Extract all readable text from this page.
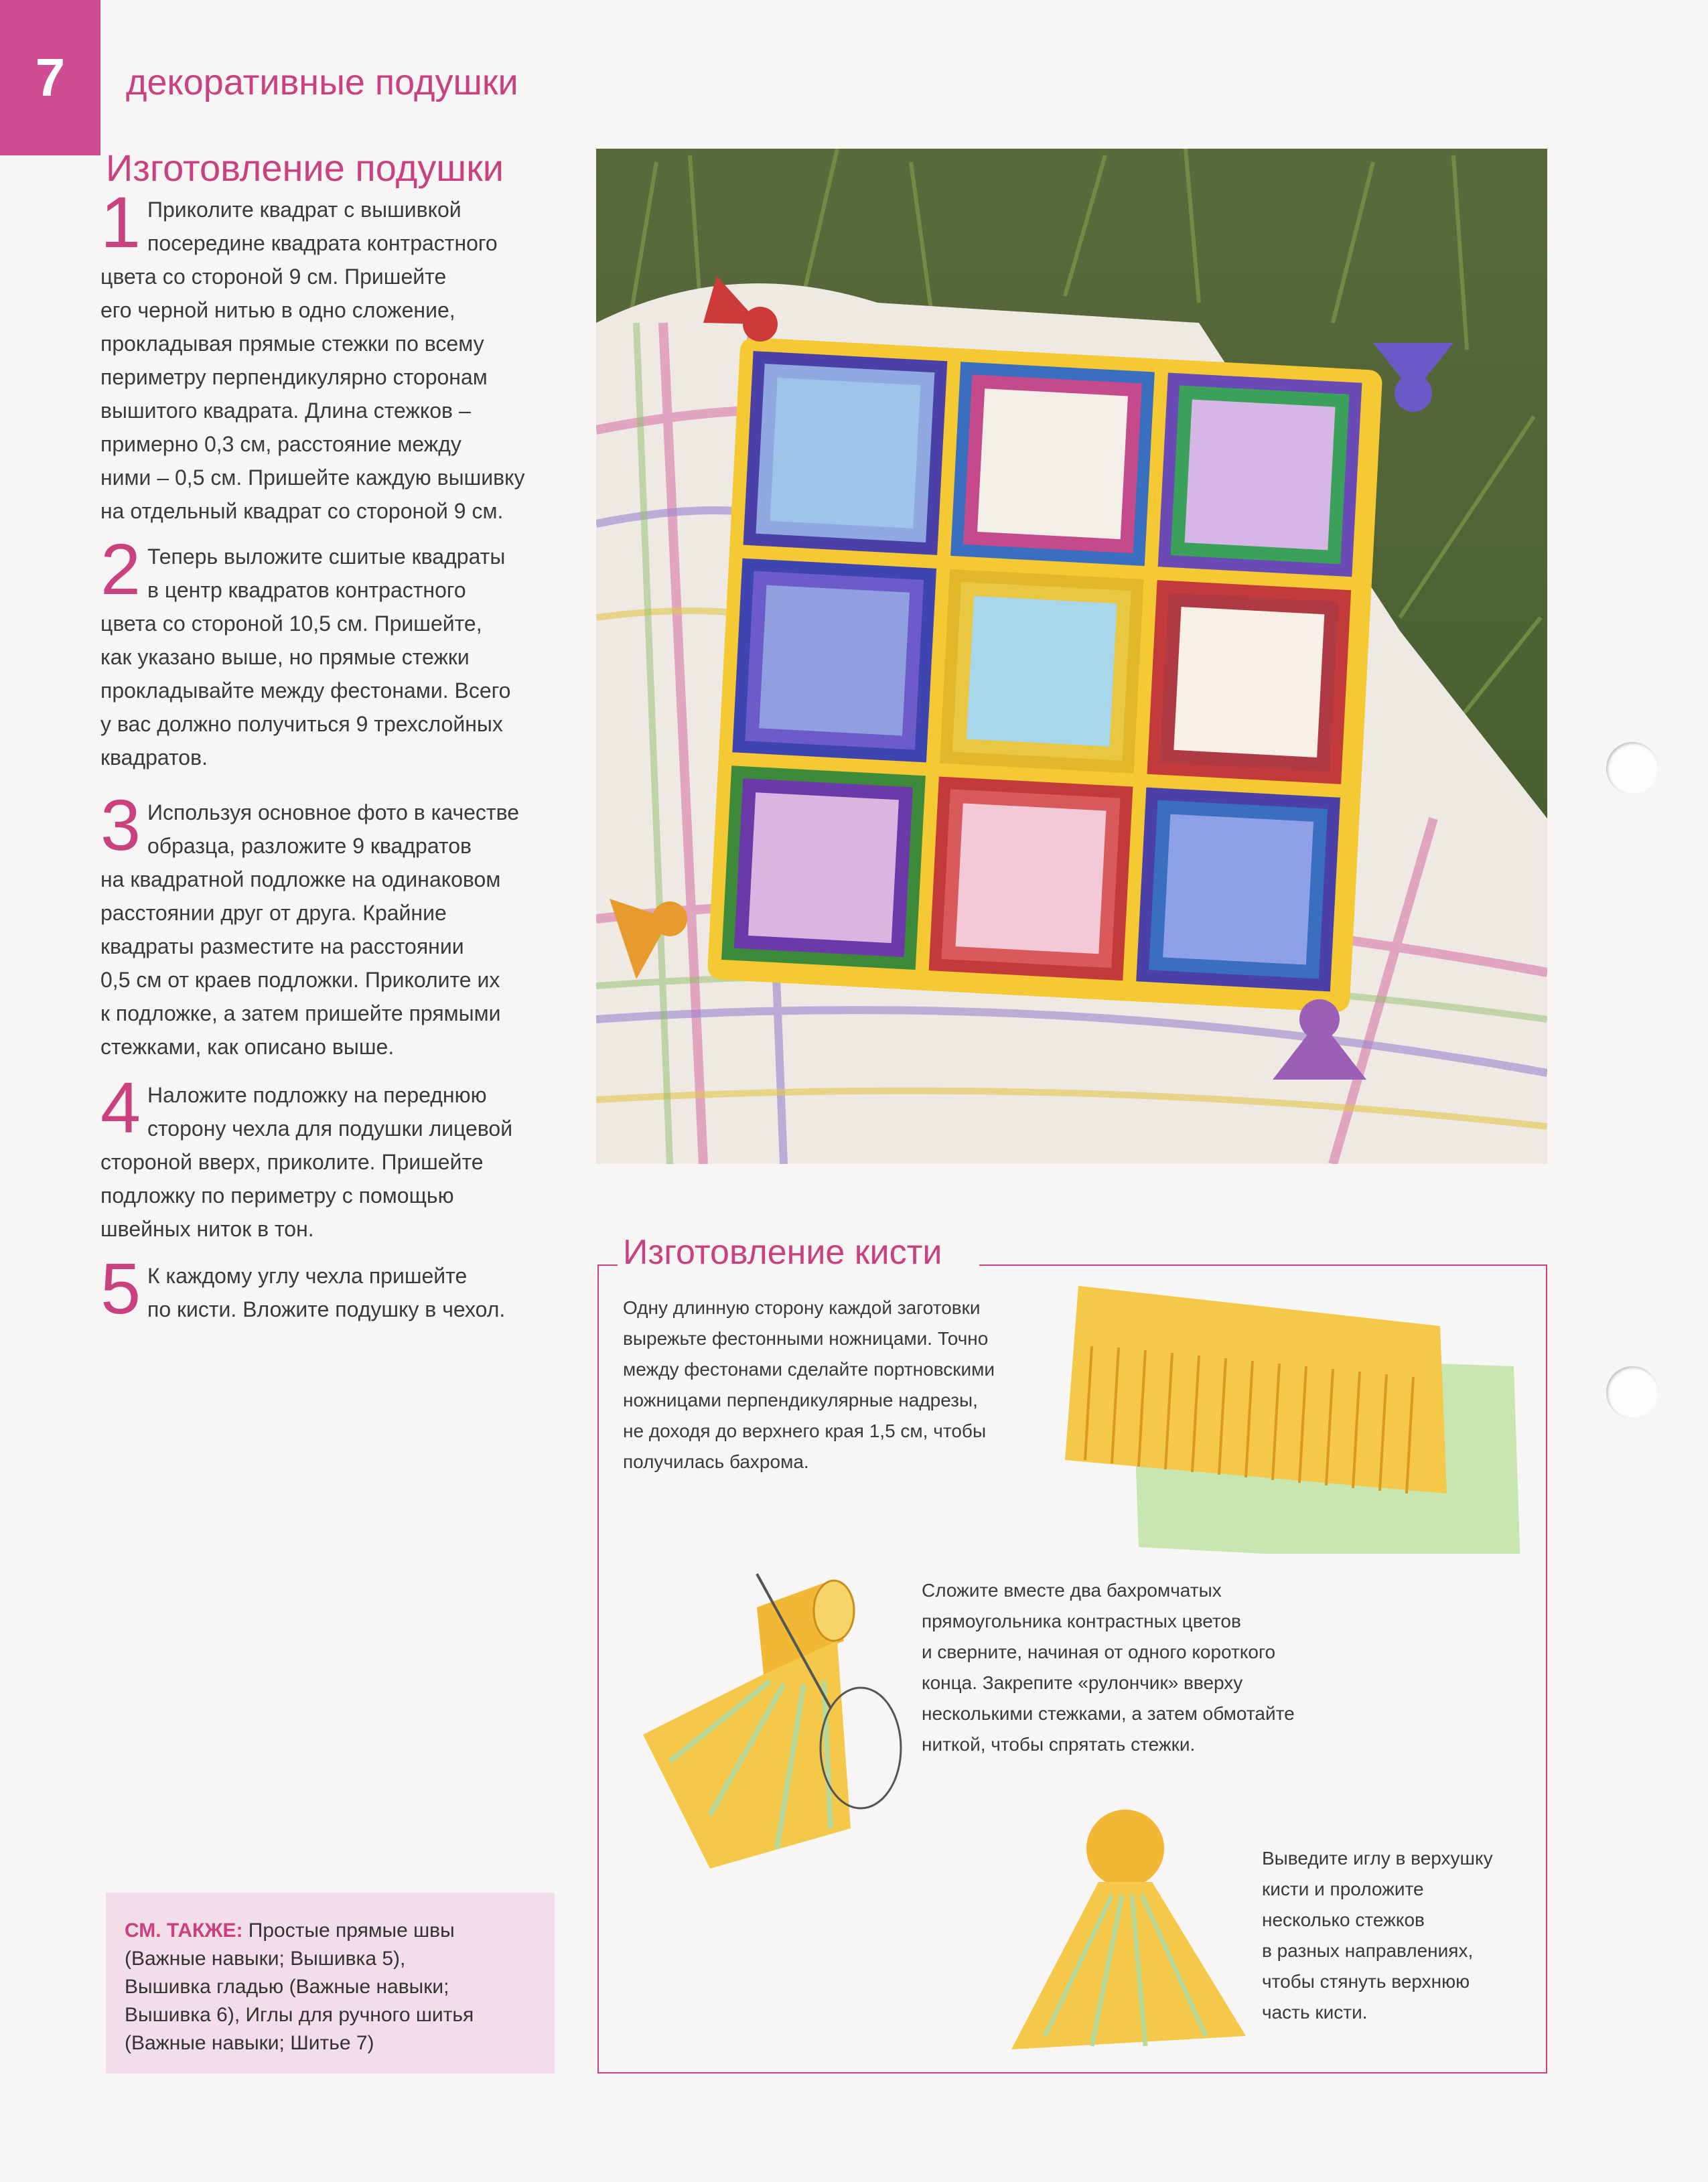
7	декоративные подушки
Изготовление подушки
1 Приколите квадрат с вышивкой
посередине квадрата контрастного
цвета со стороной 9 см. Пришейте
его черной нитью в одно сложение,
прокладывая прямые стежки по всему
периметру перпендикулярно сторонам
вышитого квадрата. Длина стежков –
примерно 0,3 см, расстояние между
ними – 0,5 см. Пришейте каждую вышивку
на отдельный квадрат со стороной 9 см.
2 Теперь выложите сшитые квадраты
в центр квадратов контрастного
цвета со стороной 10,5 см. Пришейте,
как указано выше, но прямые стежки
прокладывайте между фестонами. Всего
у вас должно получиться 9 трехслойных
квадратов.
3 Используя основное фото в качестве
образца, разложите 9 квадратов
на квадратной подложке на одинаковом
расстоянии друг от друга. Крайние
квадраты разместите на расстоянии
0,5 см от краев подложки. Приколите их
к подложке, а затем пришейте прямыми
стежками, как описано выше.
4 Наложите подложку на переднюю
сторону чехла для подушки лицевой
стороной вверх, приколите. Пришейте
подложку по периметру с помощью
швейных ниток в тон.
5 К каждому углу чехла пришейте
по кисти. Вложите подушку в чехол.
Изготовление кисти
Одну длинную сторону каждой заготовки
вырежьте фестонными ножницами. Точно
между фестонами сделайте портновскими
ножницами перпендикулярные надрезы,
не доходя до верхнего края 1,5 см, чтобы
получилась бахрома.
Сложите вместе два бахромчатых
прямоугольника контрастных цветов
и сверните, начиная от одного короткого
конца. Закрепите «рулончик» вверху
несколькими стежками, а затем обмотайте
ниткой, чтобы спрятать стежки.
Выведите иглу в верхушку
кисти и проложите
несколько стежков
в разных направлениях,
чтобы стянуть верхнюю
часть кисти.
СМ. ТАКЖЕ: Простые прямые швы
(Важные навыки; Вышивка 5),
Вышивка гладью (Важные навыки;
Вышивка 6), Иглы для ручного шитья
(Важные навыки; Шитье 7)
